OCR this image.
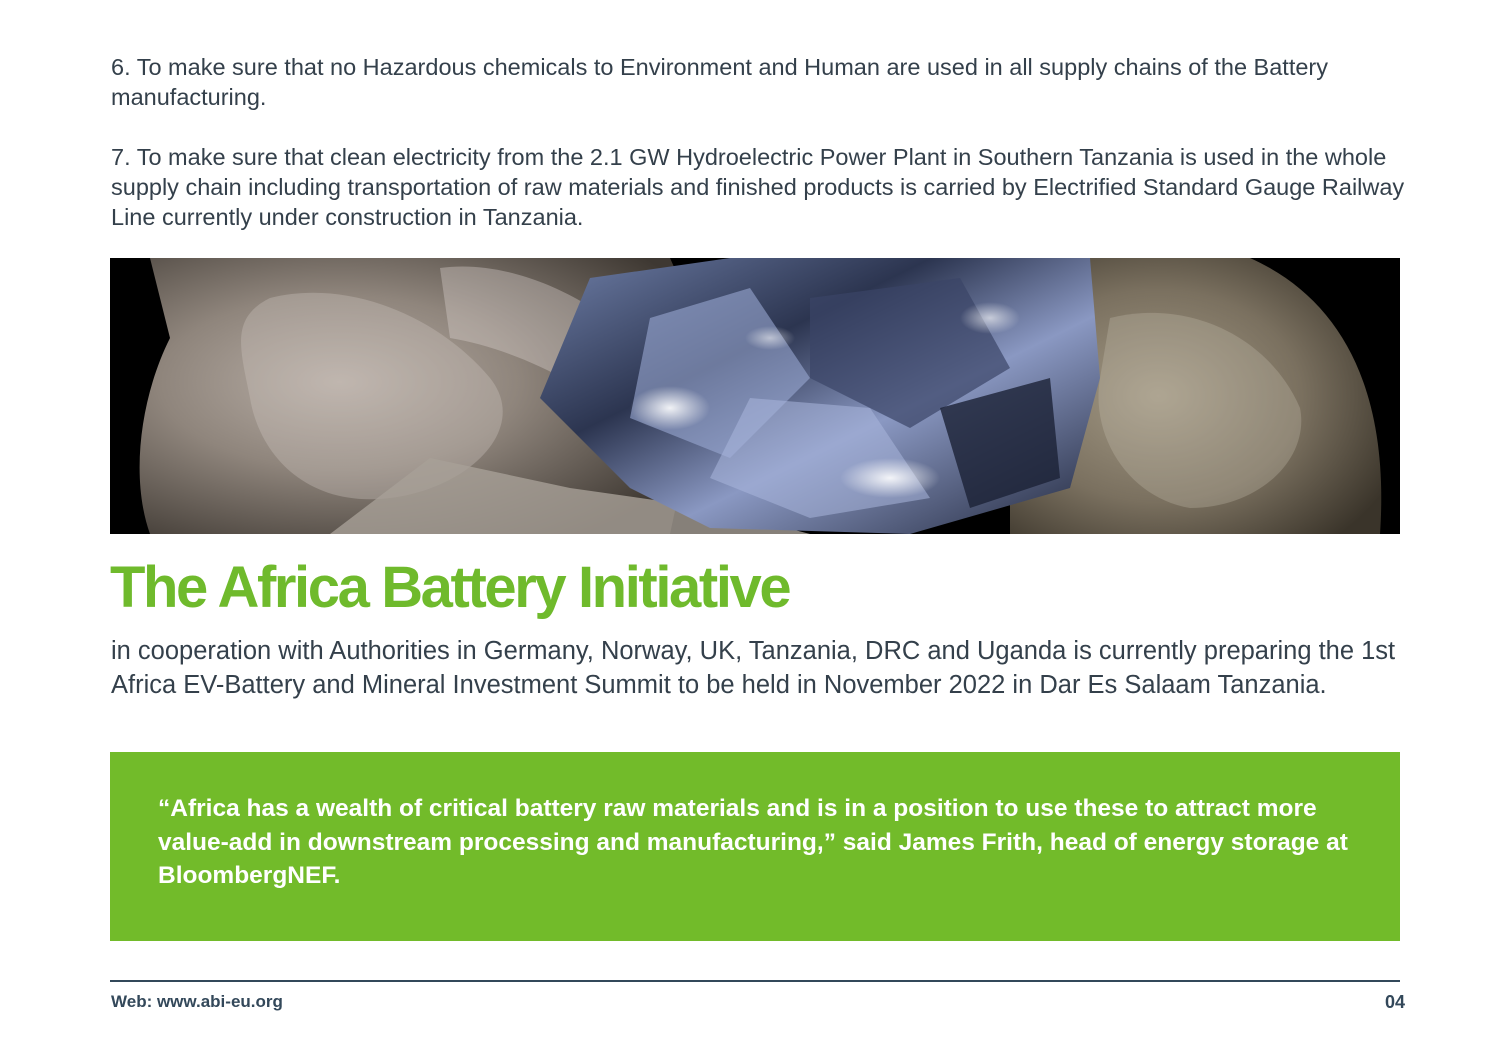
6. To make sure that no Hazardous chemicals to Environment and Human are used in all supply chains of the Battery manufacturing.

7. To make sure that clean electricity from the 2.1 GW Hydroelectric Power Plant in Southern Tanzania is used in the whole supply chain including transportation of raw materials and finished products is carried by Electrified Standard Gauge Railway Line currently under construction in Tanzania.

The Africa Battery Initiative

in cooperation with Authorities in Germany, Norway, UK, Tanzania, DRC and Uganda is currently preparing the 1st Africa EV-Battery and Mineral Investment Summit to be held in November 2022 in Dar Es Salaam Tanzania.

“Africa has a wealth of critical battery raw materials and is in a position to use these to attract more value-add in downstream processing and manufacturing,” said James Frith, head of energy storage at BloombergNEF.

Web: www.abi-eu.org	04
